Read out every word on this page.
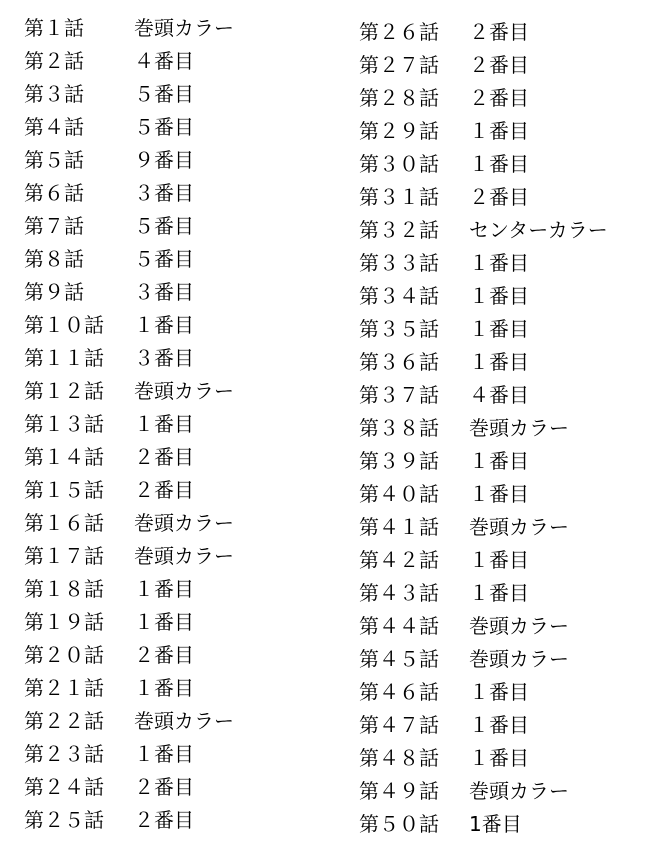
第１話	巻頭カラー
第２話	４番目
第３話	５番目
第４話	５番目
第５話	９番目
第６話	３番目
第７話	５番目
第８話	５番目
第９話	３番目
第１０話	１番目
第１１話	３番目
第１２話	巻頭カラー
第１３話	１番目
第１４話	２番目
第１５話	２番目
第１６話	巻頭カラー
第１７話	巻頭カラー
第１８話	１番目
第１９話	１番目
第２０話	２番目
第２１話	１番目
第２２話	巻頭カラー
第２３話	１番目
第２４話	２番目
第２５話	２番目
第２６話	２番目
第２７話	２番目
第２８話	２番目
第２９話	１番目
第３０話	１番目
第３１話	２番目
第３２話	センターカラー
第３３話	１番目
第３４話	１番目
第３５話	１番目
第３６話	１番目
第３７話	４番目
第３８話	巻頭カラー
第３９話	１番目
第４０話	１番目
第４１話	巻頭カラー
第４２話	１番目
第４３話	１番目
第４４話	巻頭カラー
第４５話	巻頭カラー
第４６話	１番目
第４７話	１番目
第４８話	１番目
第４９話	巻頭カラー
第５０話	1番目
